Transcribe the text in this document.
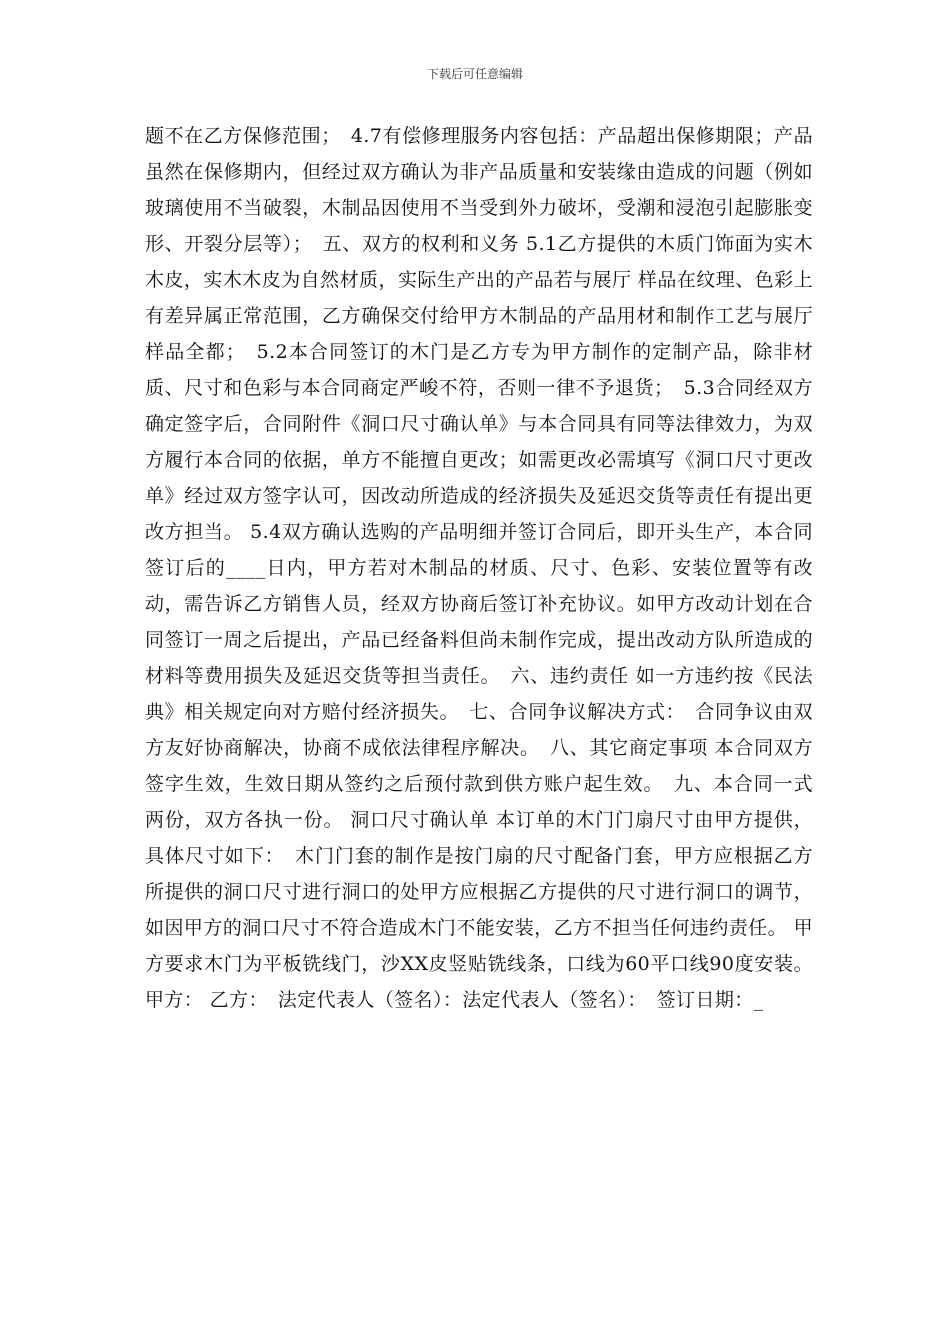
下载后可任意编辑

题不在乙方保修范围；　4.7有偿修理服务内容包括：产品超出保修期限；产品虽然在保修期内，但经过双方确认为非产品质量和安装缘由造成的问题（例如玻璃使用不当破裂，木制品因使用不当受到外力破坏，受潮和浸泡引起膨胀变形、开裂分层等）；　五、双方的权利和义务 5.1乙方提供的木质门饰面为实木木皮，实木木皮为自然材质，实际生产出的产品若与展厅 样品在纹理、色彩上有差异属正常范围，乙方确保交付给甲方木制品的产品用材和制作工艺与展厅样品全都；　5.2本合同签订的木门是乙方专为甲方制作的定制产品，除非材质、尺寸和色彩与本合同商定严峻不符，否则一律不予退货；　5.3合同经双方确定签字后，合同附件《洞口尺寸确认单》与本合同具有同等法律效力，为双方履行本合同的依据，单方不能擅自更改；如需更改必需填写《洞口尺寸更改单》经过双方签字认可，因改动所造成的经济损失及延迟交货等责任有提出更改方担当。 5.4双方确认选购的产品明细并签订合同后，即开头生产，本合同签订后的____日内，甲方若对木制品的材质、尺寸、色彩、安装位置等有改动，需告诉乙方销售人员，经双方协商后签订补充协议。如甲方改动计划在合同签订一周之后提出，产品已经备料但尚未制作完成，提出改动方队所造成的材料等费用损失及延迟交货等担当责任。　六、违约责任 如一方违约按《民法典》相关规定向对方赔付经济损失。　七、合同争议解决方式：　合同争议由双方友好协商解决，协商不成依法律程序解决。　八、其它商定事项 本合同双方签字生效，生效日期从签约之后预付款到供方账户起生效。　九、本合同一式两份，双方各执一份。 洞口尺寸确认单 本订单的木门门扇尺寸由甲方提供，具体尺寸如下：　木门门套的制作是按门扇的尺寸配备门套，甲方应根据乙方所提供的洞口尺寸进行洞口的处甲方应根据乙方提供的尺寸进行洞口的调节，如因甲方的洞口尺寸不符合造成木门不能安装，乙方不担当任何违约责任。 甲方要求木门为平板铣线门，沙XX皮竖贴铣线条，口线为60平口线90度安装。 甲方： 乙方：　法定代表人（签名）：法定代表人（签名）：　签订日期：_
